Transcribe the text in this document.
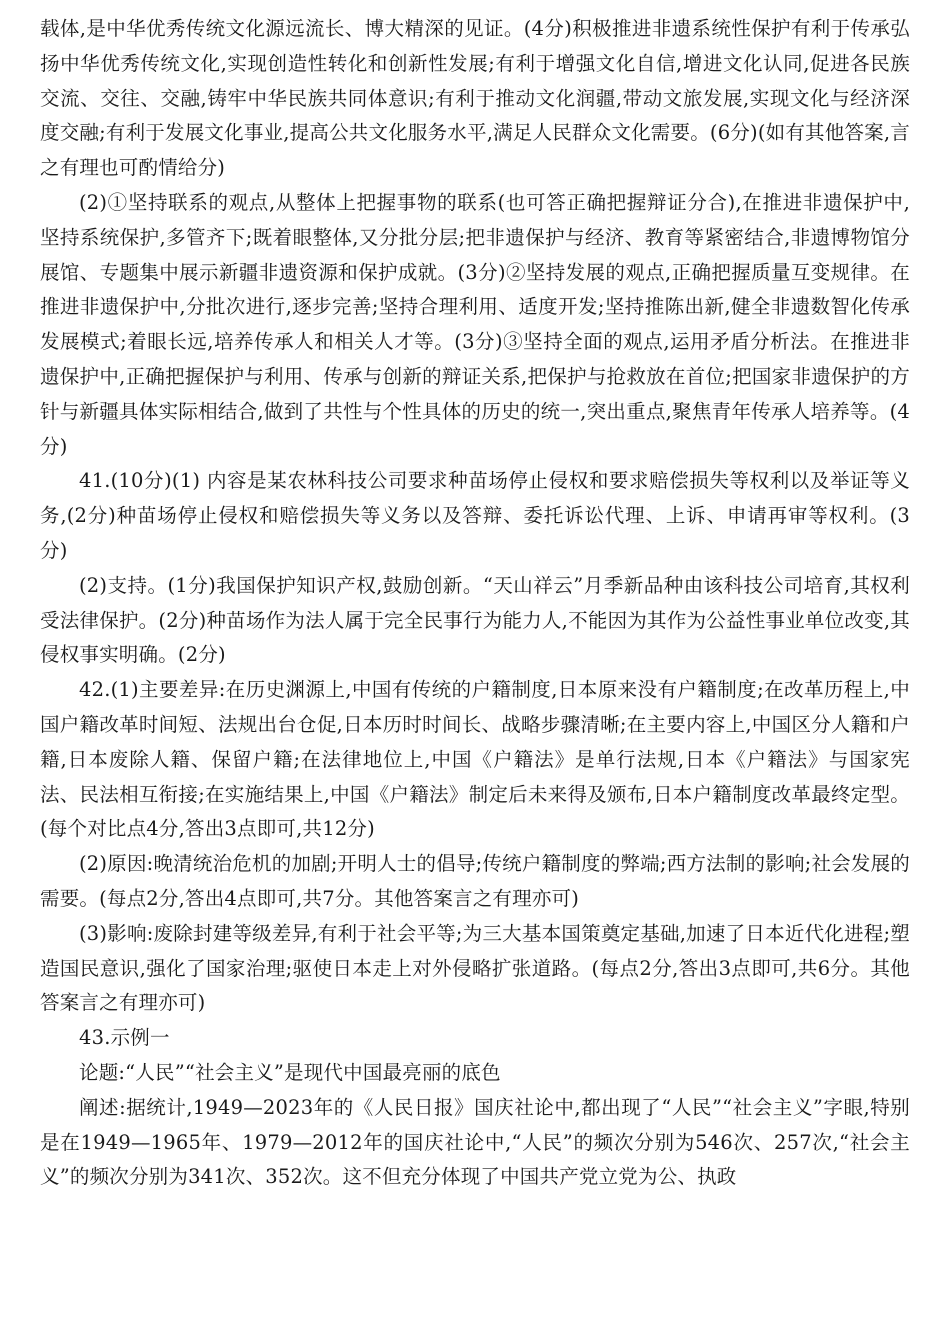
载体,是中华优秀传统文化源远流长、博大精深的见证。(4分)积极推进非遗系统性保护有利于传承弘扬中华优秀传统文化,实现创造性转化和创新性发展;有利于增强文化自信,增进文化认同,促进各民族交流、交往、交融,铸牢中华民族共同体意识;有利于推动文化润疆,带动文旅发展,实现文化与经济深度交融;有利于发展文化事业,提高公共文化服务水平,满足人民群众文化需要。(6分)(如有其他答案,言之有理也可酌情给分)

(2)①坚持联系的观点,从整体上把握事物的联系(也可答正确把握辩证分合),在推进非遗保护中,坚持系统保护,多管齐下;既着眼整体,又分批分层;把非遗保护与经济、教育等紧密结合,非遗博物馆分展馆、专题集中展示新疆非遗资源和保护成就。(3分)②坚持发展的观点,正确把握质量互变规律。在推进非遗保护中,分批次进行,逐步完善;坚持合理利用、适度开发;坚持推陈出新,健全非遗数智化传承发展模式;着眼长远,培养传承人和相关人才等。(3分)③坚持全面的观点,运用矛盾分析法。在推进非遗保护中,正确把握保护与利用、传承与创新的辩证关系,把保护与抢救放在首位;把国家非遗保护的方针与新疆具体实际相结合,做到了共性与个性具体的历史的统一,突出重点,聚焦青年传承人培养等。(4分)

41.(10分)(1) 内容是某农林科技公司要求种苗场停止侵权和要求赔偿损失等权利以及举证等义务,(2分)种苗场停止侵权和赔偿损失等义务以及答辩、委托诉讼代理、上诉、申请再审等权利。(3分)

(2)支持。(1分)我国保护知识产权,鼓励创新。“天山祥云”月季新品种由该科技公司培育,其权利受法律保护。(2分)种苗场作为法人属于完全民事行为能力人,不能因为其作为公益性事业单位改变,其侵权事实明确。(2分)

42.(1)主要差异:在历史渊源上,中国有传统的户籍制度,日本原来没有户籍制度;在改革历程上,中国户籍改革时间短、法规出台仓促,日本历时时间长、战略步骤清晰;在主要内容上,中国区分人籍和户籍,日本废除人籍、保留户籍;在法律地位上,中国《户籍法》是单行法规,日本《户籍法》与国家宪法、民法相互衔接;在实施结果上,中国《户籍法》制定后未来得及颁布,日本户籍制度改革最终定型。(每个对比点4分,答出3点即可,共12分)

(2)原因:晚清统治危机的加剧;开明人士的倡导;传统户籍制度的弊端;西方法制的影响;社会发展的需要。(每点2分,答出4点即可,共7分。其他答案言之有理亦可)

(3)影响:废除封建等级差异,有利于社会平等;为三大基本国策奠定基础,加速了日本近代化进程;塑造国民意识,强化了国家治理;驱使日本走上对外侵略扩张道路。(每点2分,答出3点即可,共6分。其他答案言之有理亦可)

43.示例一

论题:“人民”“社会主义”是现代中国最亮丽的底色

阐述:据统计,1949—2023年的《人民日报》国庆社论中,都出现了“人民”“社会主义”字眼,特别是在1949—1965年、1979—2012年的国庆社论中,“人民”的频次分别为546次、257次,“社会主义”的频次分别为341次、352次。这不但充分体现了中国共产党立党为公、执政
